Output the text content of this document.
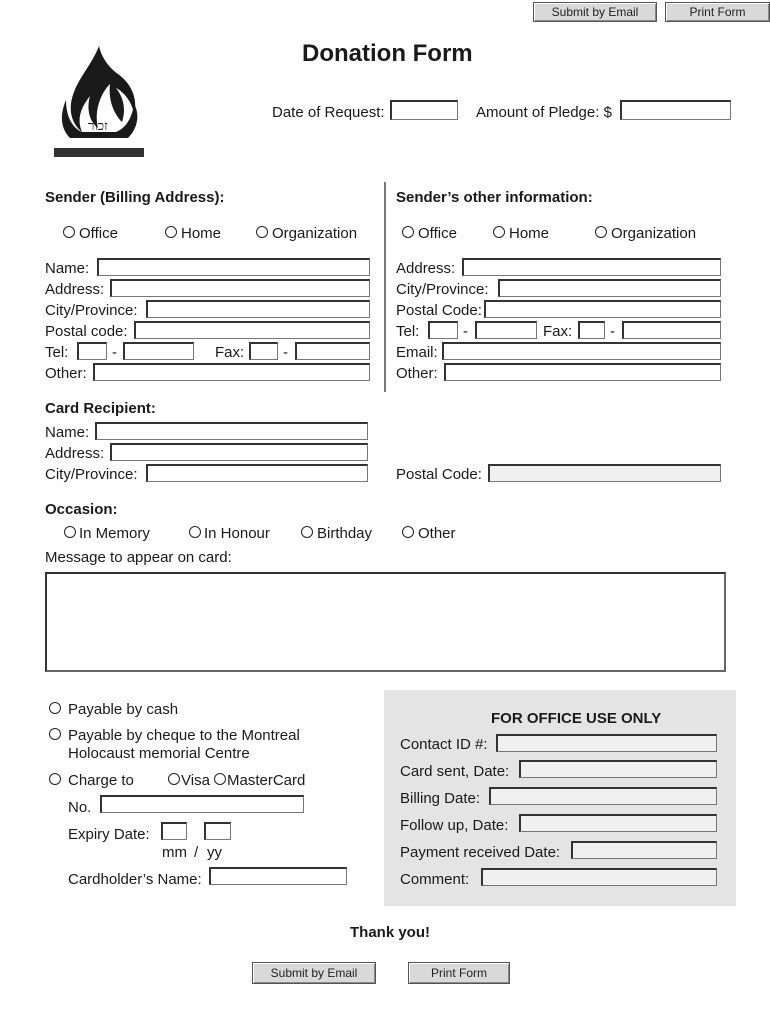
Submit by Email	Print Form
זכור
Donation Form
Date of Request:	Amount of Pledge: $
Sender (Billing Address):
Office	Home	Organization
Name:
Address:
City/Province:
Postal code:
Tel:	-	Fax:	-
Other:
Sender’s other information:
Office	Home	Organization
Address:
City/Province:
Postal Code:
Tel:	-	Fax:	-
Email:
Other:
Card Recipient:
Name:
Address:
City/Province:	Postal Code:
Occasion:
In Memory	In Honour	Birthday	Other
Message to appear on card:
Payable by cash
Payable by cheque to the Montreal
Holocaust memorial Centre
Charge to	Visa MasterCard
No.
Expiry Date:
mm / yy
Cardholder’s Name:
FOR OFFICE USE ONLY
Contact ID #:
Card sent, Date:
Billing Date:
Follow up, Date:
Payment received Date:
Comment:
Thank you!
Submit by Email	Print Form
